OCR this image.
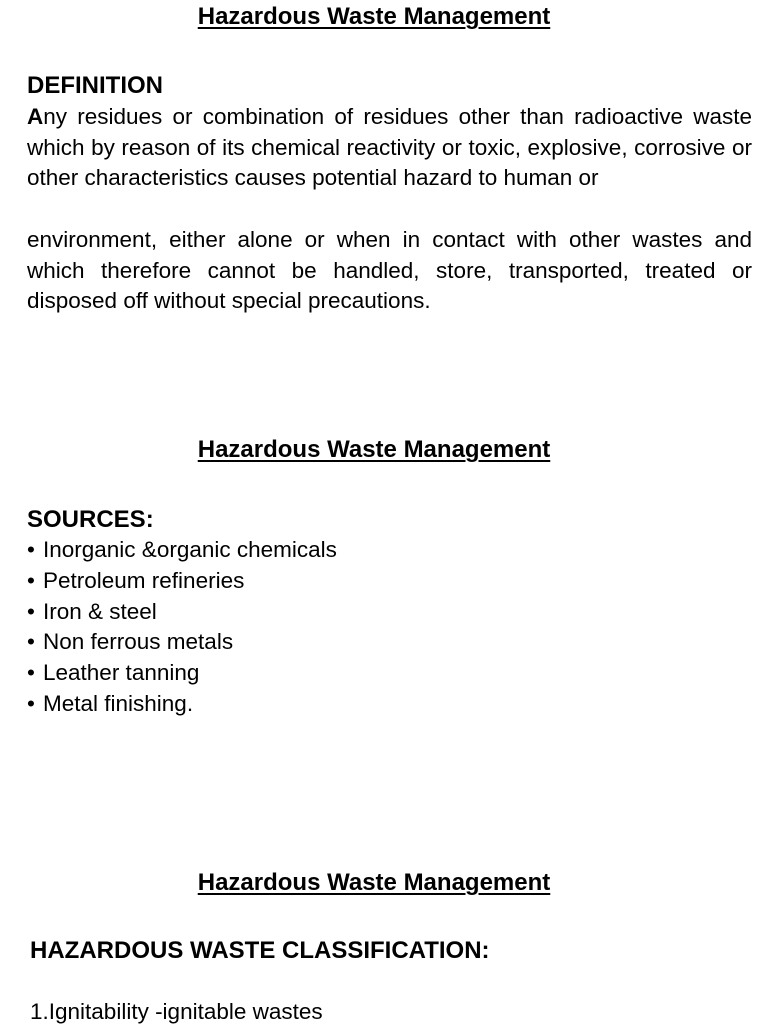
Hazardous Waste Management
DEFINITION
Any residues or combination of residues other than radioactive waste which by reason of its chemical reactivity or toxic, explosive, corrosive or other characteristics causes potential hazard to human or
environment, either alone or when in contact with other wastes and which therefore cannot be handled, store, transported, treated or disposed off without special precautions.
Hazardous Waste Management
SOURCES:
• Inorganic &organic chemicals
• Petroleum refineries
• Iron & steel
• Non ferrous metals
• Leather tanning
• Metal finishing.
Hazardous Waste Management
HAZARDOUS WASTE CLASSIFICATION:
1.Ignitability -ignitable wastes
